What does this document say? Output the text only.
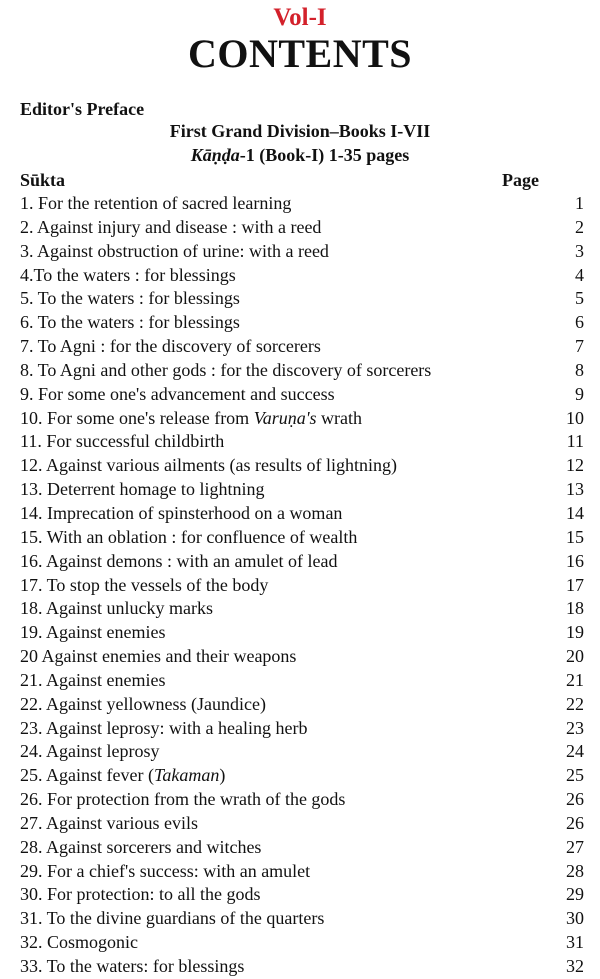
Vol-I
CONTENTS
Editor's Preface
First Grand Division–Books I-VII
Kāṇḍa-1 (Book-I) 1-35 pages
Sūkta	Page
1. For the retention of sacred learning	1
2. Against injury and disease : with a reed	2
3. Against obstruction of urine: with a reed	3
4.To the waters : for blessings	4
5. To the waters : for blessings	5
6. To the waters : for blessings	6
7. To Agni : for the discovery of sorcerers	7
8. To Agni and other gods : for the discovery of sorcerers	8
9. For some one's advancement and success	9
10. For some one's release from Varuṇa's wrath	10
11. For successful childbirth	11
12. Against various ailments (as results of lightning)	12
13. Deterrent homage to lightning	13
14. Imprecation of spinsterhood on a woman	14
15. With an oblation : for confluence of wealth	15
16. Against demons : with an amulet of lead	16
17. To stop the vessels of the body	17
18. Against unlucky marks	18
19. Against enemies	19
20 Against enemies and their weapons	20
21. Against enemies	21
22. Against yellowness (Jaundice)	22
23. Against leprosy: with a healing herb	23
24. Against leprosy	24
25. Against fever (Takaman)	25
26. For protection from the wrath of the gods	26
27. Against various evils	26
28. Against sorcerers and witches	27
29. For a chief's success: with an amulet	28
30. For protection: to all the gods	29
31. To the divine guardians of the quarters	30
32. Cosmogonic	31
33. To the waters: for blessings	32
